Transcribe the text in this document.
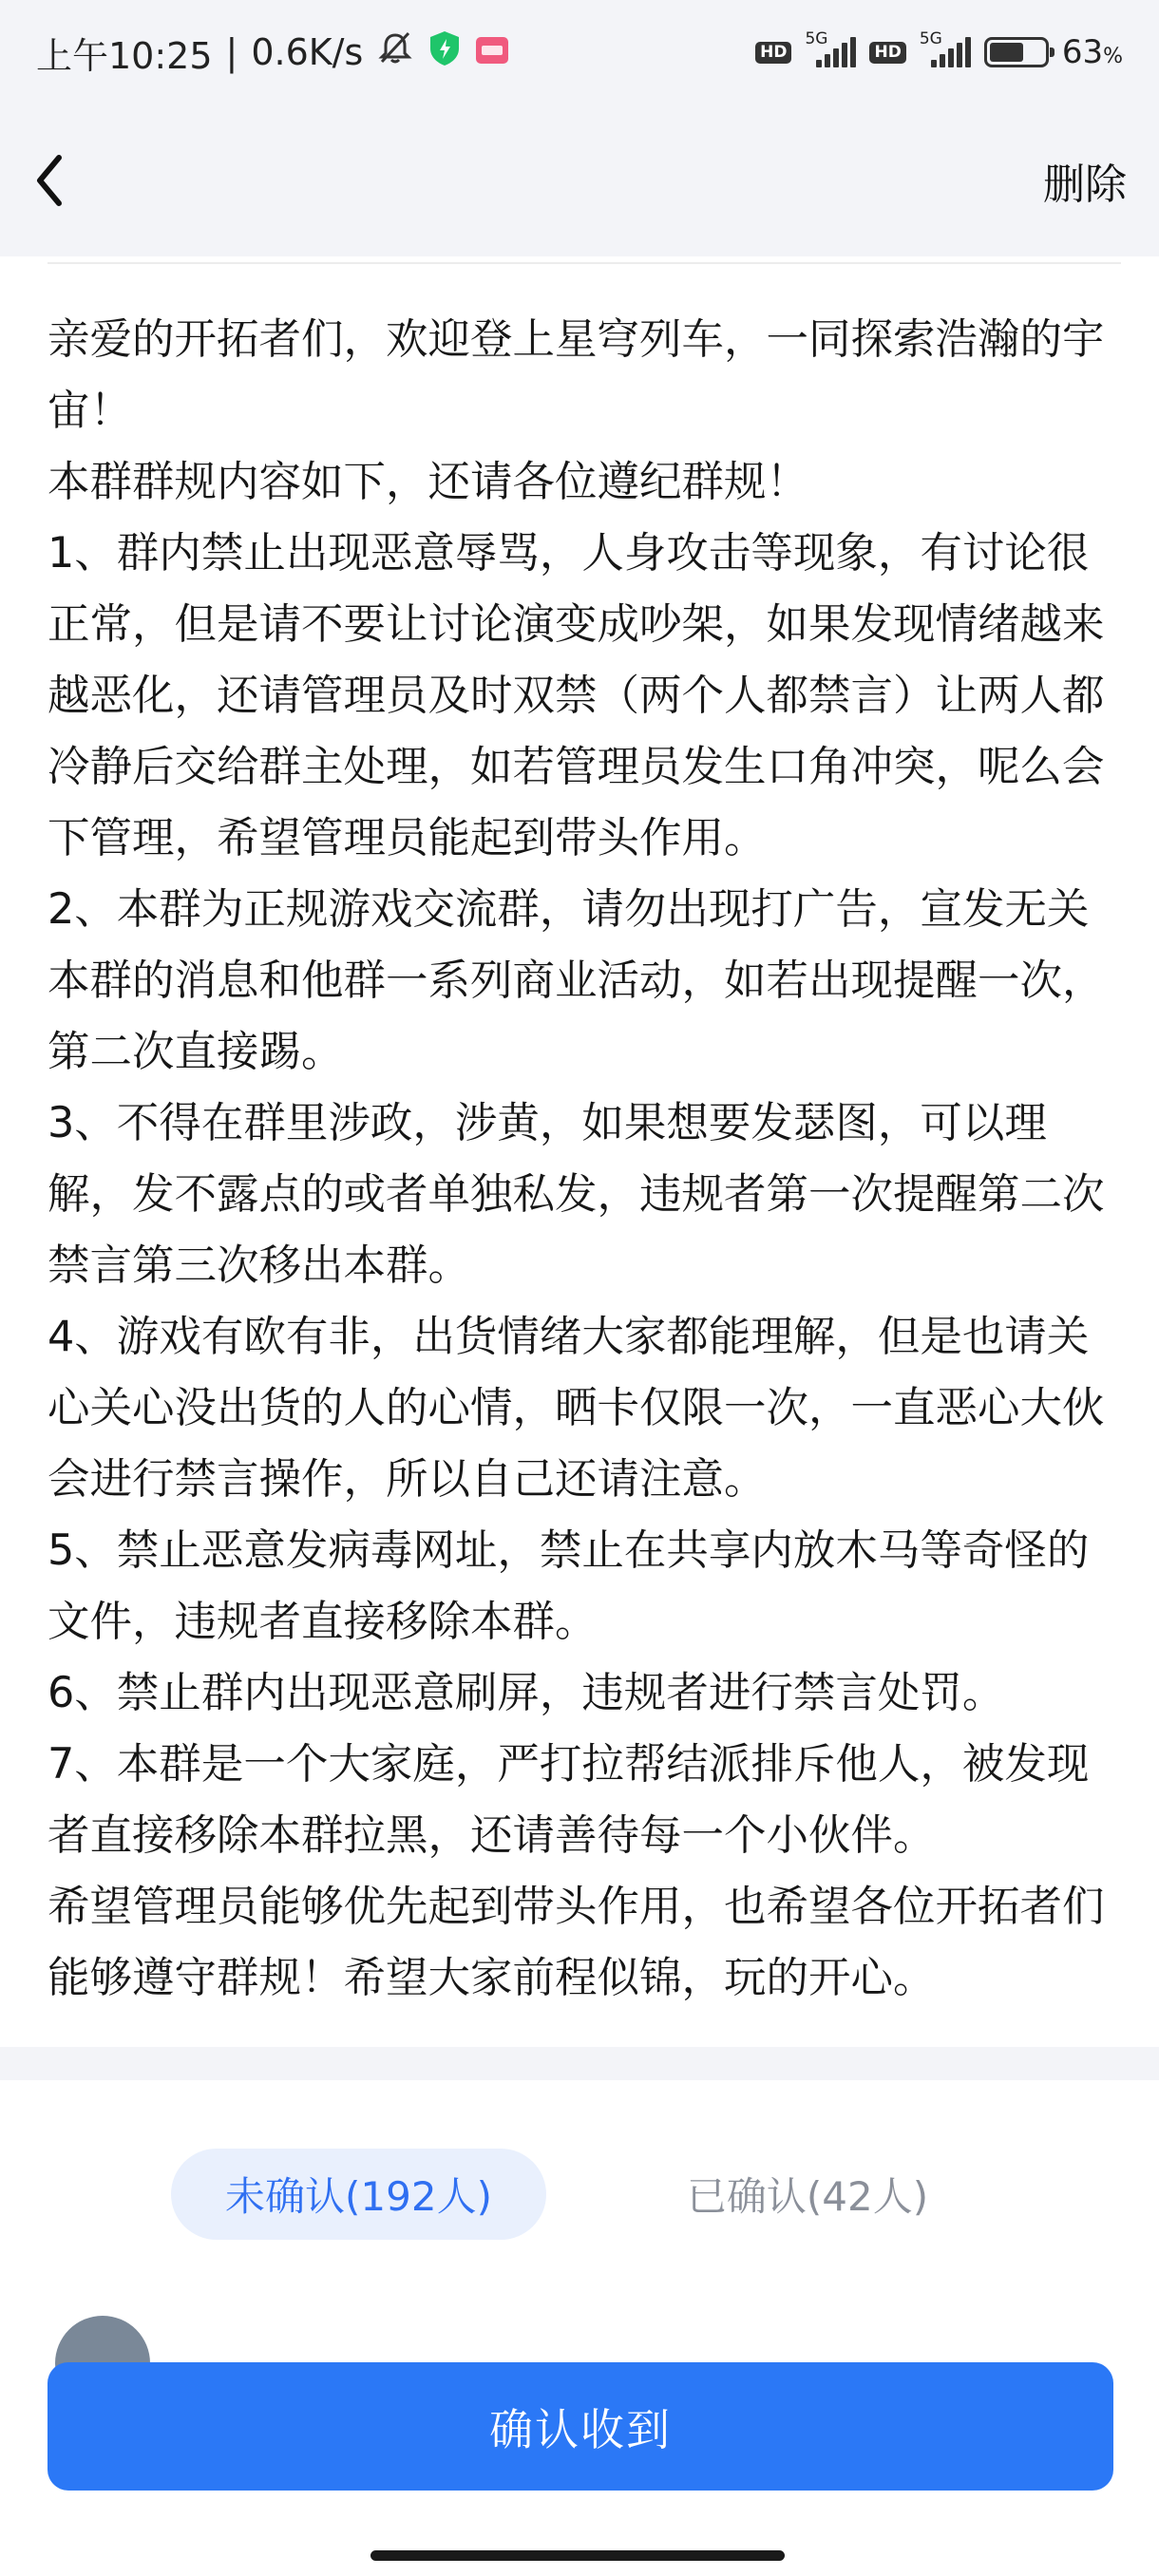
上午10:25 | 0.6K/s	HD
5G
HD
5G	63%
删除
亲爱的开拓者们，欢迎登上星穹列车，一同探索浩瀚的宇宙！
本群群规内容如下，还请各位遵纪群规！
1、群内禁止出现恶意辱骂，人身攻击等现象，有讨论很正常，但是请不要让讨论演变成吵架，如果发现情绪越来越恶化，还请管理员及时双禁（两个人都禁言）让两人都冷静后交给群主处理，如若管理员发生口角冲突，呢么会下管理，希望管理员能起到带头作用。
2、本群为正规游戏交流群，请勿出现打广告，宣发无关本群的消息和他群一系列商业活动，如若出现提醒一次，第二次直接踢。
3、不得在群里涉政，涉黄，如果想要发瑟图，可以理解，发不露点的或者单独私发，违规者第一次提醒第二次禁言第三次移出本群。
4、游戏有欧有非，出货情绪大家都能理解，但是也请关心关心没出货的人的心情，晒卡仅限一次，一直恶心大伙会进行禁言操作，所以自己还请注意。
5、禁止恶意发病毒网址，禁止在共享内放木马等奇怪的文件，违规者直接移除本群。
6、禁止群内出现恶意刷屏，违规者进行禁言处罚。
7、本群是一个大家庭，严打拉帮结派排斥他人，被发现者直接移除本群拉黑，还请善待每一个小伙伴。
希望管理员能够优先起到带头作用，也希望各位开拓者们能够遵守群规！希望大家前程似锦，玩的开心。
未确认(192人)	已确认(42人)
确认收到
